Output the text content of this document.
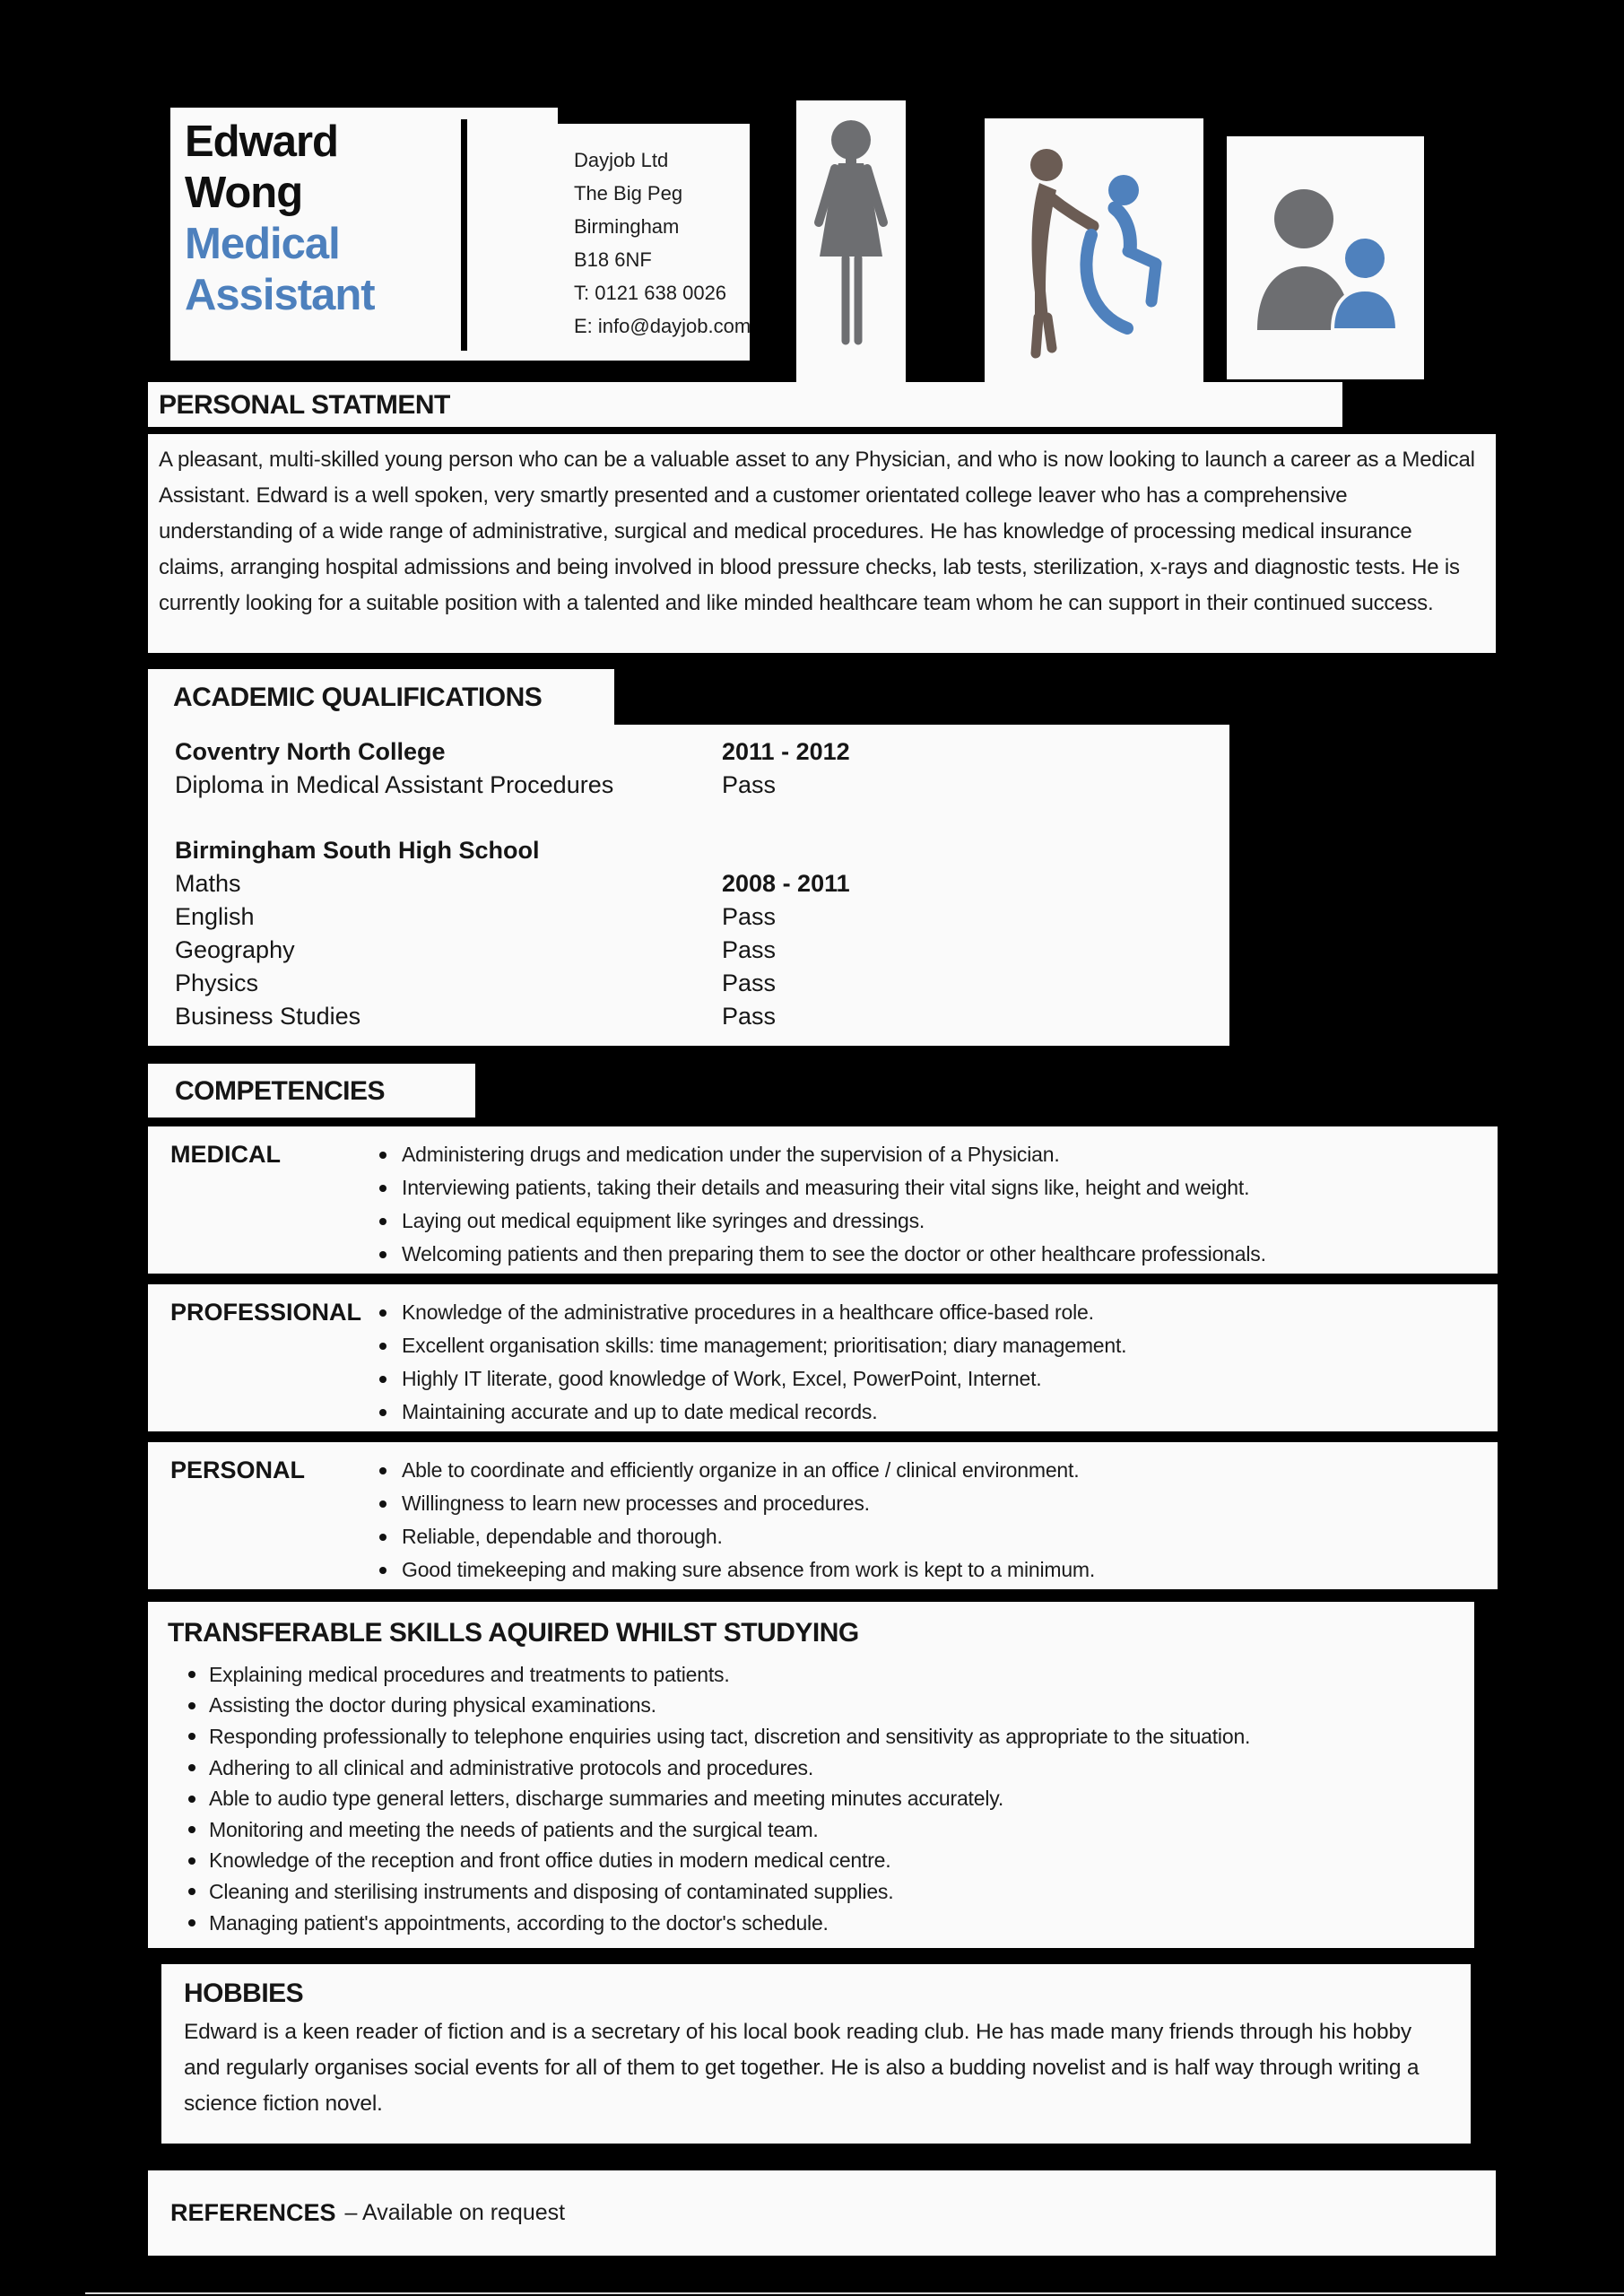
Edward
Wong
Medical
Assistant
Dayjob Ltd
The Big Peg
Birmingham
B18 6NF
T: 0121 638 0026
E: info@dayjob.com
PERSONAL STATMENT
A pleasant, multi-skilled young person who can be a valuable asset to any Physician, and who is now looking to launch a career as a Medical Assistant. Edward is a well spoken, very smartly presented and a customer orientated college leaver who has a comprehensive understanding of a wide range of administrative, surgical and medical procedures. He has knowledge of processing medical insurance claims, arranging hospital admissions and being involved in blood pressure checks, lab tests, sterilization, x-rays and diagnostic tests. He is currently looking for a suitable position with a talented and like minded healthcare team whom he can support in their continued success.
ACADEMIC QUALIFICATIONS
Coventry North College	2011 - 2012
Diploma in Medical Assistant Procedures	Pass
Birmingham South High School
Maths	2008 - 2011
English	Pass
Geography	Pass
Physics	Pass
Business Studies	Pass
COMPETENCIES
MEDICAL	Administering drugs and medication under the supervision of a Physician.
Interviewing patients, taking their details and measuring their vital signs like, height and weight.
Laying out medical equipment like syringes and dressings.
Welcoming patients and then preparing them to see the doctor or other healthcare professionals.
PROFESSIONAL Knowledge of the administrative procedures in a healthcare office-based role.
Excellent organisation skills: time management; prioritisation; diary management.
Highly IT literate, good knowledge of Work, Excel, PowerPoint, Internet.
Maintaining accurate and up to date medical records.
PERSONAL	Able to coordinate and efficiently organize in an office / clinical environment.
Willingness to learn new processes and procedures.
Reliable, dependable and thorough.
Good timekeeping and making sure absence from work is kept to a minimum.
TRANSFERABLE SKILLS AQUIRED WHILST STUDYING
Explaining medical procedures and treatments to patients.
Assisting the doctor during physical examinations.
Responding professionally to telephone enquiries using tact, discretion and sensitivity as appropriate to the situation.
Adhering to all clinical and administrative protocols and procedures.
Able to audio type general letters, discharge summaries and meeting minutes accurately.
Monitoring and meeting the needs of patients and the surgical team.
Knowledge of the reception and front office duties in modern medical centre.
Cleaning and sterilising instruments and disposing of contaminated supplies.
Managing patient's appointments, according to the doctor's schedule.
HOBBIES
Edward is a keen reader of fiction and is a secretary of his local book reading club. He has made many friends through his hobby and regularly organises social events for all of them to get together. He is also a budding novelist and is half way through writing a science fiction novel.
REFERENCES – Available on request
